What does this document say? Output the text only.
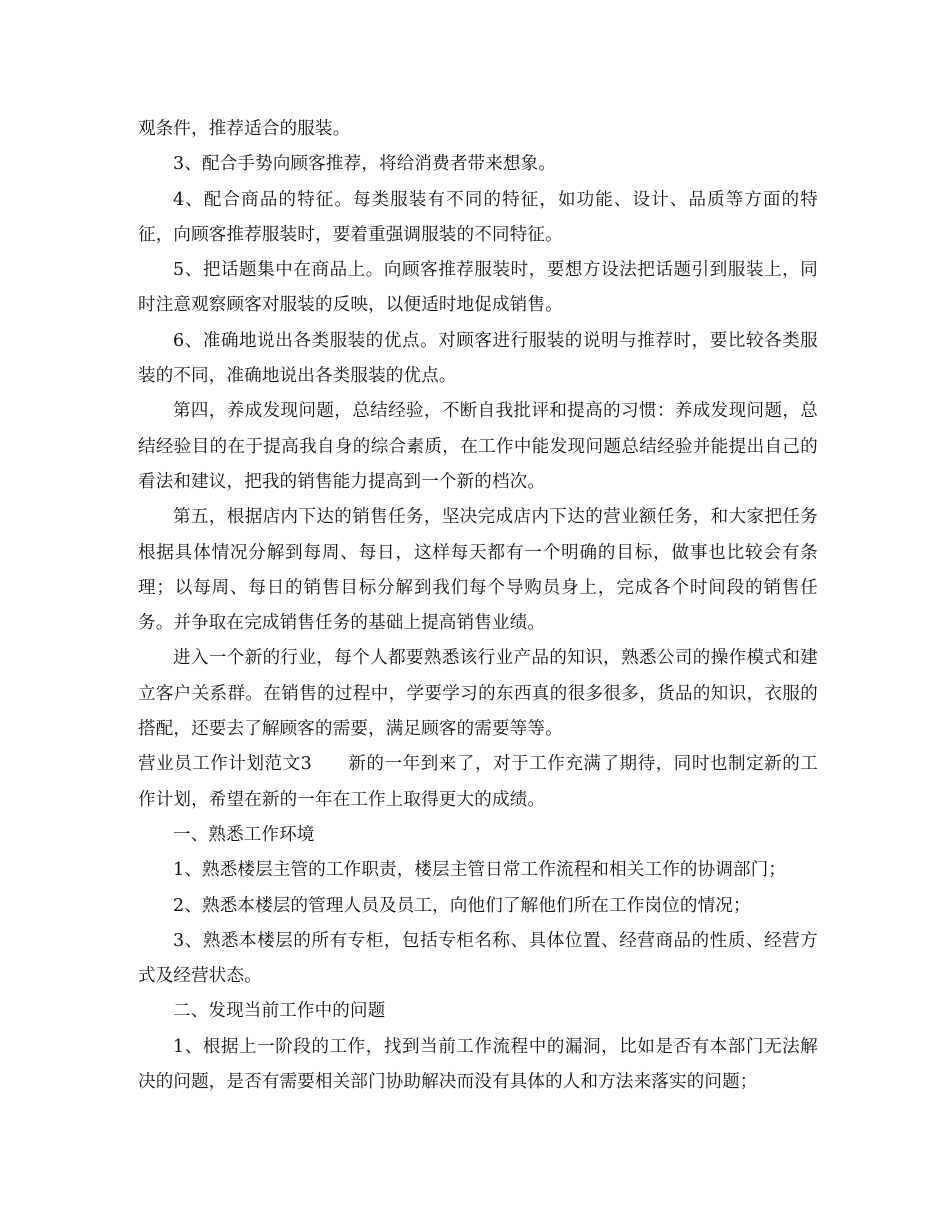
观条件，推荐适合的服装。

3、配合手势向顾客推荐，将给消费者带来想象。

4、配合商品的特征。每类服装有不同的特征，如功能、设计、品质等方面的特征，向顾客推荐服装时，要着重强调服装的不同特征。

5、把话题集中在商品上。向顾客推荐服装时，要想方设法把话题引到服装上，同时注意观察顾客对服装的反映，以便适时地促成销售。

6、准确地说出各类服装的优点。对顾客进行服装的说明与推荐时，要比较各类服装的不同，准确地说出各类服装的优点。

第四，养成发现问题，总结经验，不断自我批评和提高的习惯：养成发现问题，总结经验目的在于提高我自身的综合素质，在工作中能发现问题总结经验并能提出自己的看法和建议，把我的销售能力提高到一个新的档次。

第五，根据店内下达的销售任务，坚决完成店内下达的营业额任务，和大家把任务根据具体情况分解到每周、每日，这样每天都有一个明确的目标，做事也比较会有条理；以每周、每日的销售目标分解到我们每个导购员身上，完成各个时间段的销售任务。并争取在完成销售任务的基础上提高销售业绩。

进入一个新的行业，每个人都要熟悉该行业产品的知识，熟悉公司的操作模式和建立客户关系群。在销售的过程中，学要学习的东西真的很多很多，货品的知识，衣服的搭配，还要去了解顾客的需要，满足顾客的需要等等。

营业员工作计划范文3 新的一年到来了，对于工作充满了期待，同时也制定新的工作计划，希望在新的一年在工作上取得更大的成绩。

一、熟悉工作环境

1、熟悉楼层主管的工作职责，楼层主管日常工作流程和相关工作的协调部门；

2、熟悉本楼层的管理人员及员工，向他们了解他们所在工作岗位的情况；

3、熟悉本楼层的所有专柜，包括专柜名称、具体位置、经营商品的性质、经营方式及经营状态。

二、发现当前工作中的问题

1、根据上一阶段的工作，找到当前工作流程中的漏洞，比如是否有本部门无法解决的问题，是否有需要相关部门协助解决而没有具体的人和方法来落实的问题；
